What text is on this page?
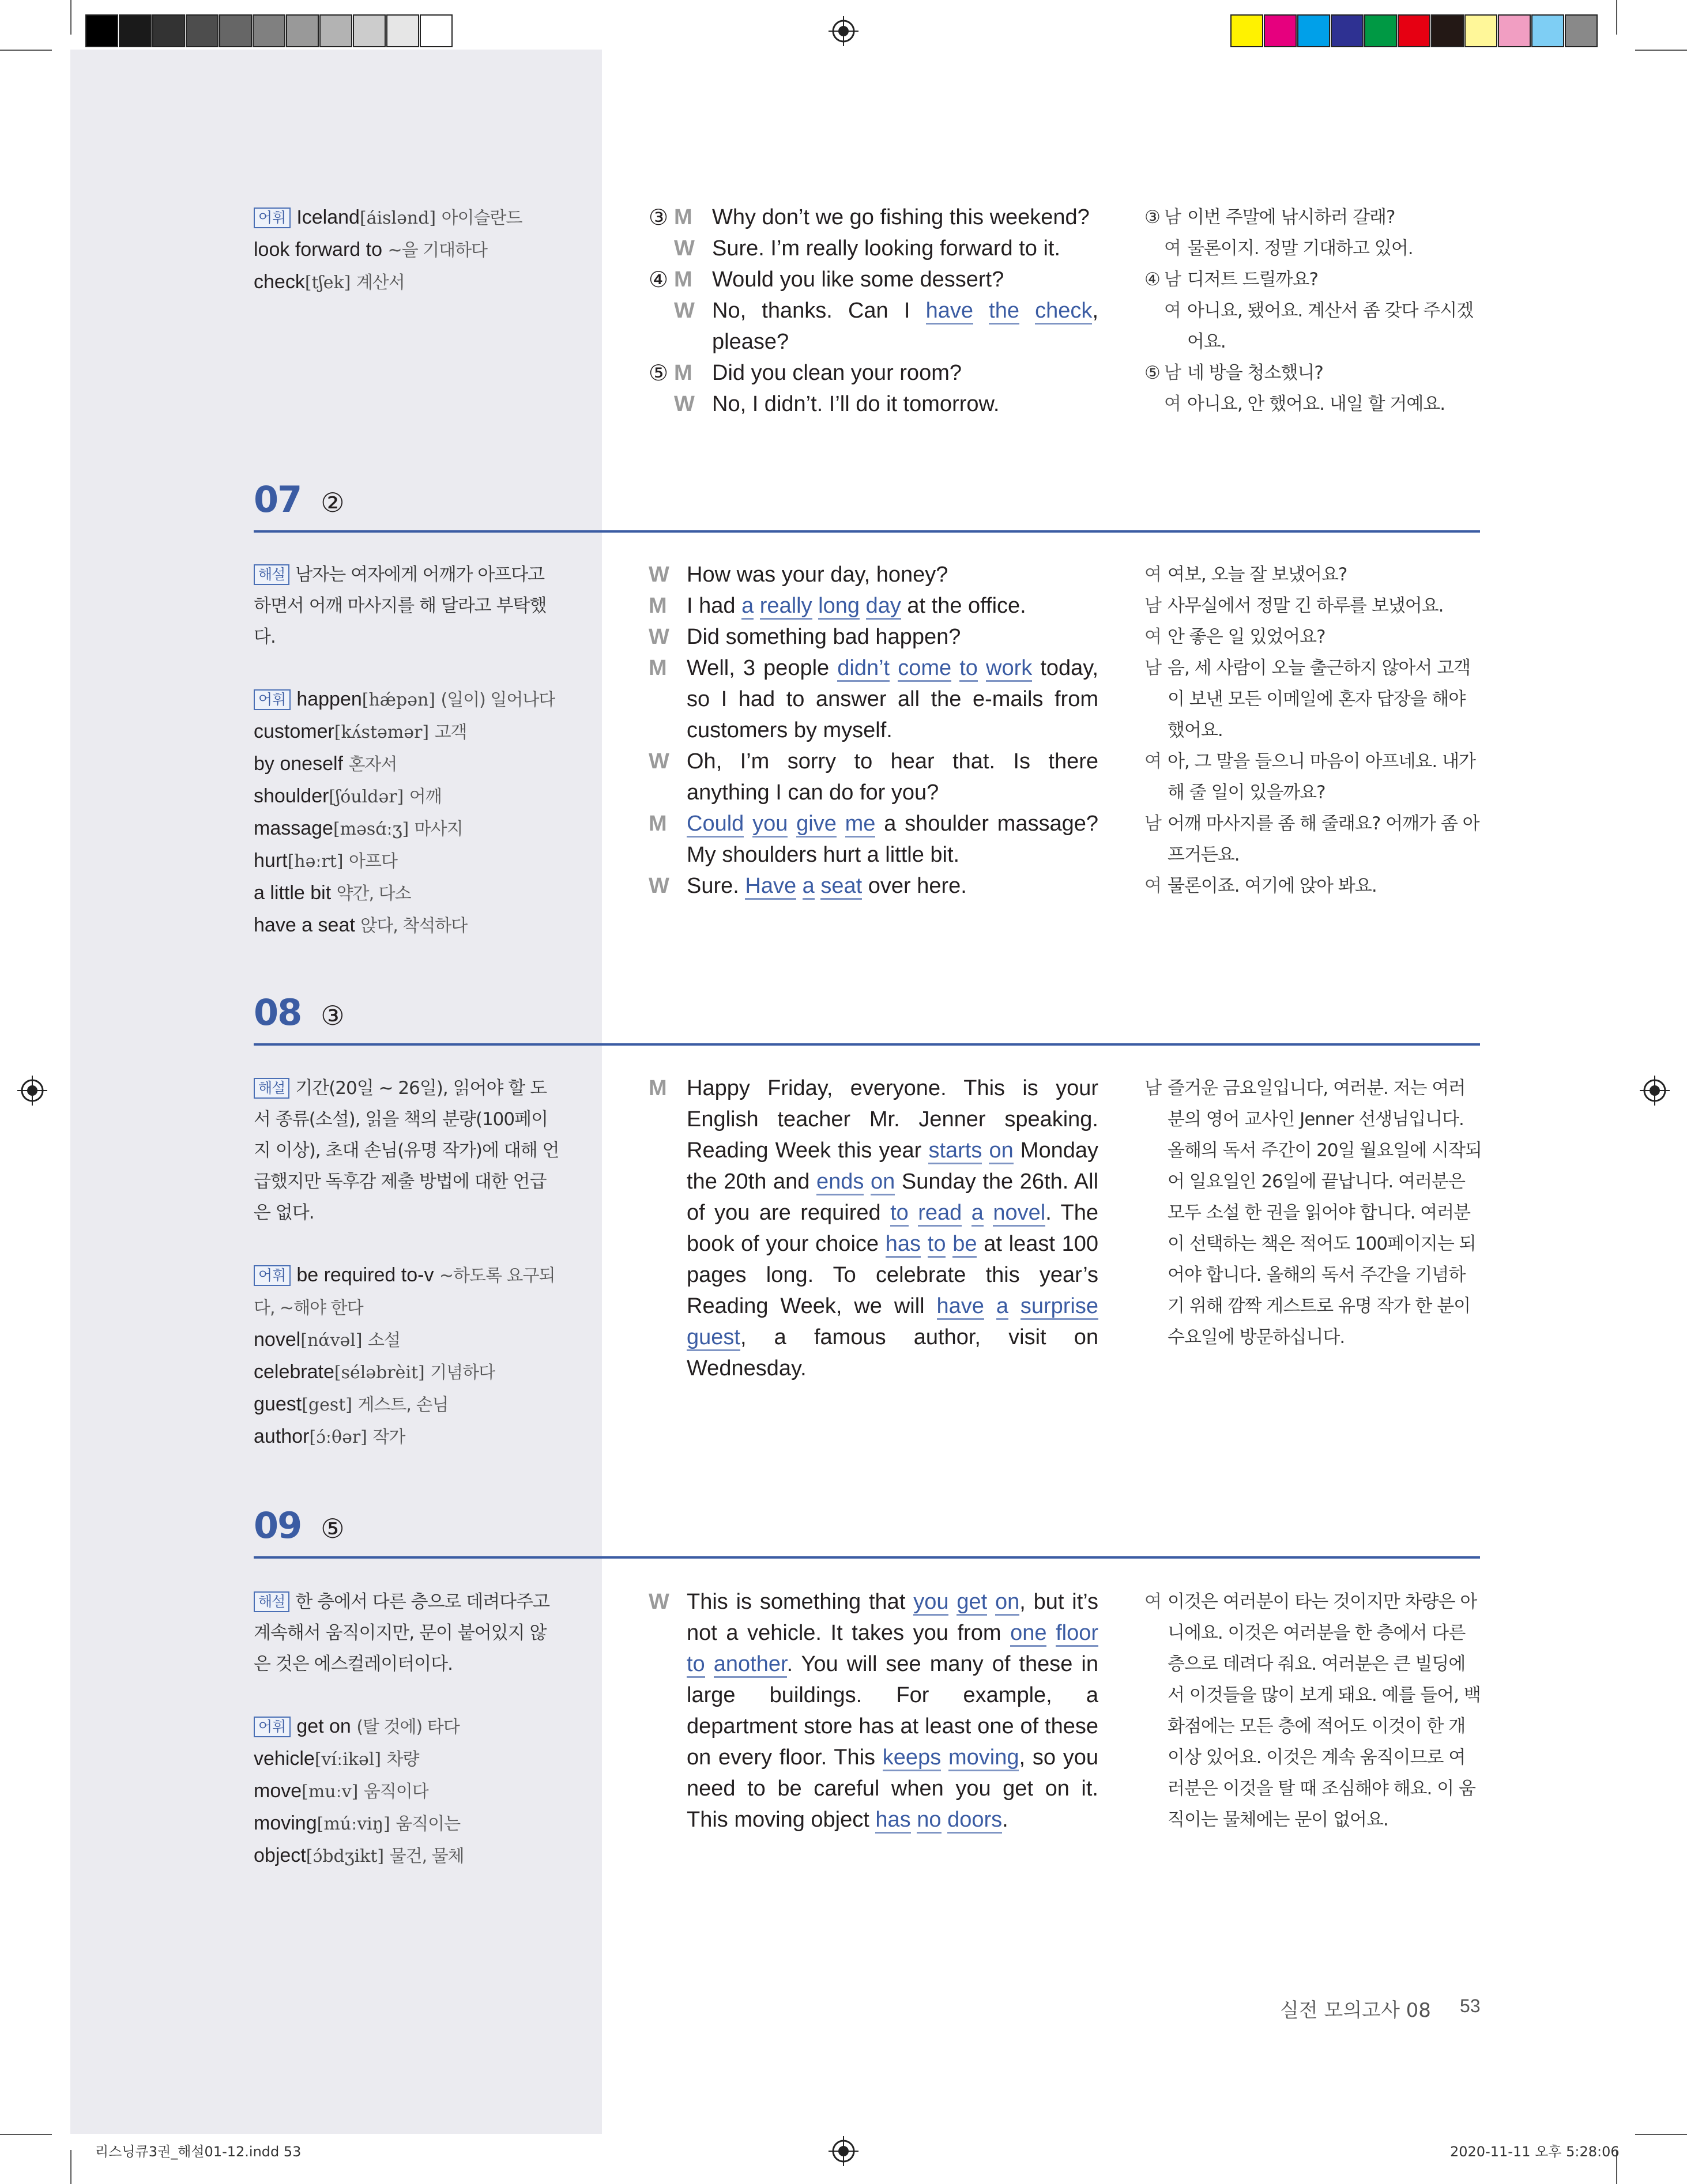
어휘 Iceland[áislənd] 아이슬란드
look forward to ~을 기대하다
check[tʃek] 계산서
③ M Why don’t we go fishing this weekend?
W Sure. I’m really looking forward to it.
④ M Would you like some dessert?
W No, thanks. Can I have the check, please?
⑤ M Did you clean your room?
W No, I didn’t. I’ll do it tomorrow.
③ 남 이번 주말에 낚시하러 갈래?
여 물론이지. 정말 기대하고 있어.
④ 남 디저트 드릴까요?
여 아니요, 됐어요. 계산서 좀 갖다 주시겠어요.
⑤ 남 네 방을 청소했니?
여 아니요, 안 했어요. 내일 할 거예요.
07 ②
해설 남자는 여자에게 어깨가 아프다고 하면서 어깨 마사지를 해 달라고 부탁했다.
어휘 happen[hǽpən] (일이) 일어나다
customer[kʌ́stəmər] 고객
by oneself 혼자서
shoulder[ʃóuldər] 어깨
massage[məsɑ́ːʒ] 마사지
hurt[həːrt] 아프다
a little bit 약간, 다소
have a seat 앉다, 착석하다
W How was your day, honey?
M I had a really long day at the office.
W Did something bad happen?
M Well, 3 people didn’t come to work today, so I had to answer all the e-mails from customers by myself.
W Oh, I’m sorry to hear that. Is there anything I can do for you?
M Could you give me a shoulder massage? My shoulders hurt a little bit.
W Sure. Have a seat over here.
여 여보, 오늘 잘 보냈어요?
남 사무실에서 정말 긴 하루를 보냈어요.
여 안 좋은 일 있었어요?
남 음, 세 사람이 오늘 출근하지 않아서 고객이 보낸 모든 이메일에 혼자 답장을 해야 했어요.
여 아, 그 말을 들으니 마음이 아프네요. 내가 해 줄 일이 있을까요?
남 어깨 마사지를 좀 해 줄래요? 어깨가 좀 아프거든요.
여 물론이죠. 여기에 앉아 봐요.
08 ③
해설 기간(20일 ~ 26일), 읽어야 할 도서 종류(소설), 읽을 책의 분량(100페이지 이상), 초대 손님(유명 작가)에 대해 언급했지만 독후감 제출 방법에 대한 언급은 없다.
어휘 be required to-v ~하도록 요구되다, ~해야 한다
novel[nάvəl] 소설
celebrate[séləbrèit] 기념하다
guest[gest] 게스트, 손님
author[ɔ́ːθər] 작가
M Happy Friday, everyone. This is your English teacher Mr. Jenner speaking. Reading Week this year starts on Monday the 20th and ends on Sunday the 26th. All of you are required to read a novel. The book of your choice has to be at least 100 pages long. To celebrate this year’s Reading Week, we will have a surprise guest, a famous author, visit on Wednesday.
남 즐거운 금요일입니다, 여러분. 저는 여러분의 영어 교사인 Jenner 선생님입니다. 올해의 독서 주간이 20일 월요일에 시작되어 일요일인 26일에 끝납니다. 여러분은 모두 소설 한 권을 읽어야 합니다. 여러분이 선택하는 책은 적어도 100페이지는 되어야 합니다. 올해의 독서 주간을 기념하기 위해 깜짝 게스트로 유명 작가 한 분이 수요일에 방문하십니다.
09 ⑤
해설 한 층에서 다른 층으로 데려다주고 계속해서 움직이지만, 문이 붙어있지 않은 것은 에스컬레이터이다.
어휘 get on (탈 것에) 타다
vehicle[víːikəl] 차량
move[muːv] 움직이다
moving[múːviŋ] 움직이는
object[ɔ́bdʒikt] 물건, 물체
W This is something that you get on, but it’s not a vehicle. It takes you from one floor to another. You will see many of these in large buildings. For example, a department store has at least one of these on every floor. This keeps moving, so you need to be careful when you get on it. This moving object has no doors.
여 이것은 여러분이 타는 것이지만 차량은 아니에요. 이것은 여러분을 한 층에서 다른 층으로 데려다 줘요. 여러분은 큰 빌딩에서 이것들을 많이 보게 돼요. 예를 들어, 백화점에는 모든 층에 적어도 이것이 한 개 이상 있어요. 이것은 계속 움직이므로 여러분은 이것을 탈 때 조심해야 해요. 이 움직이는 물체에는 문이 없어요.
실전 모의고사 08 53
리스닝큐3권_해설01-12.indd 53	2020-11-11 오후 5:28:06
